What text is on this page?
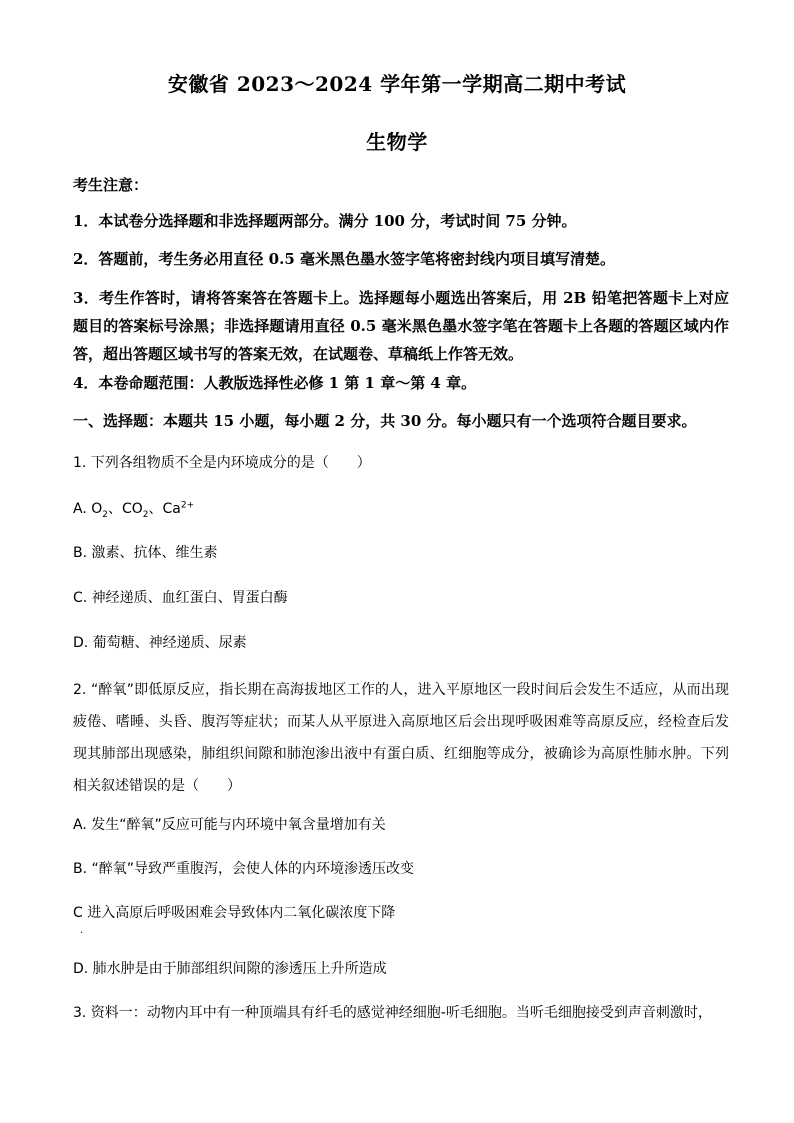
安徽省 2023～2024 学年第一学期高二期中考试
生物学
考生注意：
1．本试卷分选择题和非选择题两部分。满分 100 分，考试时间 75 分钟。
2．答题前，考生务必用直径 0.5 毫米黑色墨水签字笔将密封线内项目填写清楚。
3．考生作答时，请将答案答在答题卡上。选择题每小题选出答案后，用 2B 铅笔把答题卡上对应题目的答案标号涂黑；非选择题请用直径 0.5 毫米黑色墨水签字笔在答题卡上各题的答题区域内作答，超出答题区域书写的答案无效，在试题卷、草稿纸上作答无效。
4．本卷命题范围：人教版选择性必修 1 第 1 章～第 4 章。
一、选择题：本题共 15 小题，每小题 2 分，共 30 分。每小题只有一个选项符合题目要求。
1. 下列各组物质不全是内环境成分的是（　　）
A. $O_2$、$CO_2$、$Ca^{2+}$
B. 激素、抗体、维生素
C. 神经递质、血红蛋白、胃蛋白酶
D. 葡萄糖、神经递质、尿素
2. “醉氧”即低原反应，指长期在高海拔地区工作的人，进入平原地区一段时间后会发生不适应，从而出现疲倦、嗜睡、头昏、腹泻等症状；而某人从平原进入高原地区后会出现呼吸困难等高原反应，经检查后发现其肺部出现感染，肺组织间隙和肺泡渗出液中有蛋白质、红细胞等成分，被确诊为高原性肺水肿。下列相关叙述错误的是（　　）
A. 发生“醉氧”反应可能与内环境中氧含量增加有关
B. “醉氧”导致严重腹泻，会使人体的内环境渗透压改变
C 进入高原后呼吸困难会导致体内二氧化碳浓度下降
·
D. 肺水肿是由于肺部组织间隙的渗透压上升所造成
3. 资料一：动物内耳中有一种顶端具有纤毛的感觉神经细胞-听毛细胞。当听毛细胞接受到声音刺激时，
